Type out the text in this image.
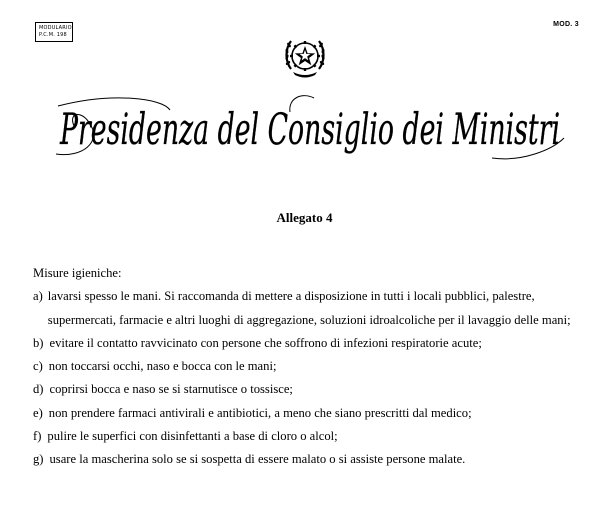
MODULARIO
P.C.M. 198
MOD. 3
Presidenza del Consiglio dei Ministri
Allegato 4

Misure igieniche:

a) lavarsi spesso le mani. Si raccomanda di mettere a disposizione in tutti i locali pubblici, palestre, supermercati, farmacie e altri luoghi di aggregazione, soluzioni idroalcoliche per il lavaggio delle mani;
b) evitare il contatto ravvicinato con persone che soffrono di infezioni respiratorie acute;
c) non toccarsi occhi, naso e bocca con le mani;
d) coprirsi bocca e naso se si starnutisce o tossisce;
e) non prendere farmaci antivirali e antibiotici, a meno che siano prescritti dal medico;
f) pulire le superfici con disinfettanti a base di cloro o alcol;
g) usare la mascherina solo se si sospetta di essere malato o si assiste persone malate.
